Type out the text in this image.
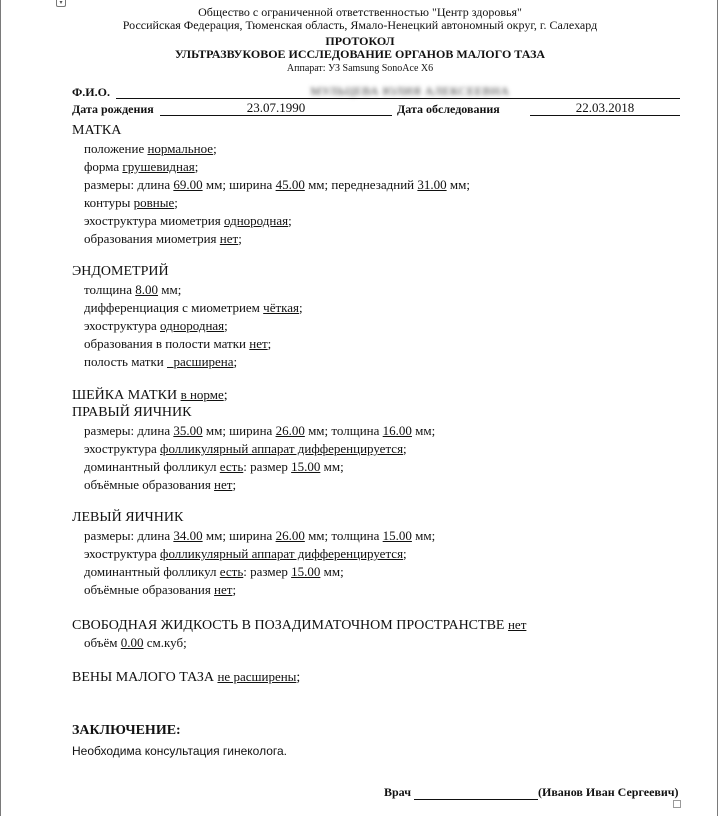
▾
Общество с ограниченной ответственностью "Центр здоровья"
Российская Федерация, Тюменская область, Ямало-Ненецкий автономный округ, г. Салехард
ПРОТОКОЛ
УЛЬТРАЗВУКОВОЕ ИССЛЕДОВАНИЕ ОРГАНОВ МАЛОГО ТАЗА
Аппарат: УЗ Samsung SonoAce X6
Ф.И.О.	МУЛЬЦЕВА ЮЛИЯ АЛЕКСЕЕВНА
Дата рождения	23.07.1990	Дата обследования	22.03.2018
МАТКА
положение нормальное;
форма грушевидная;
размеры: длина 69.00 мм; ширина 45.00 мм; переднезадний 31.00 мм;
контуры ровные;
эхоструктура миометрия однородная;
образования миометрия нет;
ЭНДОМЕТРИЙ
толщина 8.00 мм;
дифференциация с миометрием чёткая;
эхоструктура однородная;
образования в полости матки нет;
полость матки расширена;
ШЕЙКА МАТКИ в норме;
ПРАВЫЙ ЯИЧНИК
размеры: длина 35.00 мм; ширина 26.00 мм; толщина 16.00 мм;
эхоструктура фолликулярный аппарат дифференцируется;
доминантный фолликул есть: размер 15.00 мм;
объёмные образования нет;
ЛЕВЫЙ ЯИЧНИК
размеры: длина 34.00 мм; ширина 26.00 мм; толщина 15.00 мм;
эхоструктура фолликулярный аппарат дифференцируется;
доминантный фолликул есть: размер 15.00 мм;
объёмные образования нет;
СВОБОДНАЯ ЖИДКОСТЬ В ПОЗАДИМАТОЧНОМ ПРОСТРАНСТВЕ нет
объём 0.00 см.куб;
ВЕНЫ МАЛОГО ТАЗА не расширены;
ЗАКЛЮЧЕНИЕ:
Необходима консультация гинеколога.
Врач	(Иванов Иван Сергеевич)
